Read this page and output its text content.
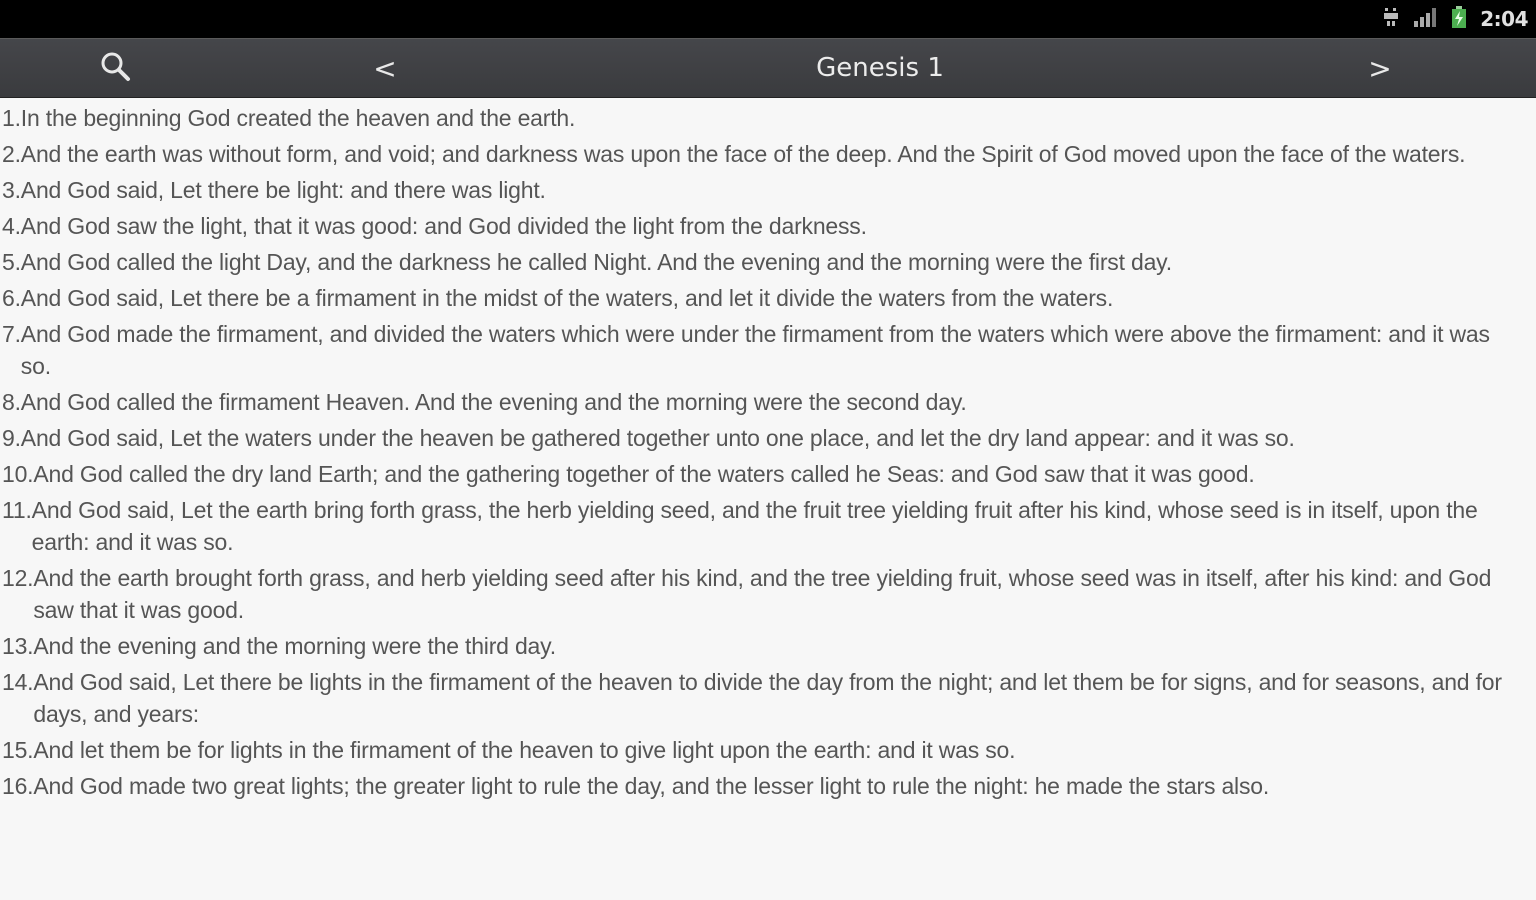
2:04
<	Genesis 1	>
1. In the beginning God created the heaven and the earth.
2. And the earth was without form, and void; and darkness was upon the face of the deep. And the Spirit of God moved upon the face of the waters.
3. And God said, Let there be light: and there was light.
4. And God saw the light, that it was good: and God divided the light from the darkness.
5. And God called the light Day, and the darkness he called Night. And the evening and the morning were the first day.
6. And God said, Let there be a firmament in the midst of the waters, and let it divide the waters from the waters.
7. And God made the firmament, and divided the waters which were under the firmament from the waters which were above the firmament: and it was so.
8. And God called the firmament Heaven. And the evening and the morning were the second day.
9. And God said, Let the waters under the heaven be gathered together unto one place, and let the dry land appear: and it was so.
10. And God called the dry land Earth; and the gathering together of the waters called he Seas: and God saw that it was good.
11. And God said, Let the earth bring forth grass, the herb yielding seed, and the fruit tree yielding fruit after his kind, whose seed is in itself, upon the earth: and it was so.
12. And the earth brought forth grass, and herb yielding seed after his kind, and the tree yielding fruit, whose seed was in itself, after his kind: and God saw that it was good.
13. And the evening and the morning were the third day.
14. And God said, Let there be lights in the firmament of the heaven to divide the day from the night; and let them be for signs, and for seasons, and for days, and years:
15. And let them be for lights in the firmament of the heaven to give light upon the earth: and it was so.
16. And God made two great lights; the greater light to rule the day, and the lesser light to rule the night: he made the stars also.
